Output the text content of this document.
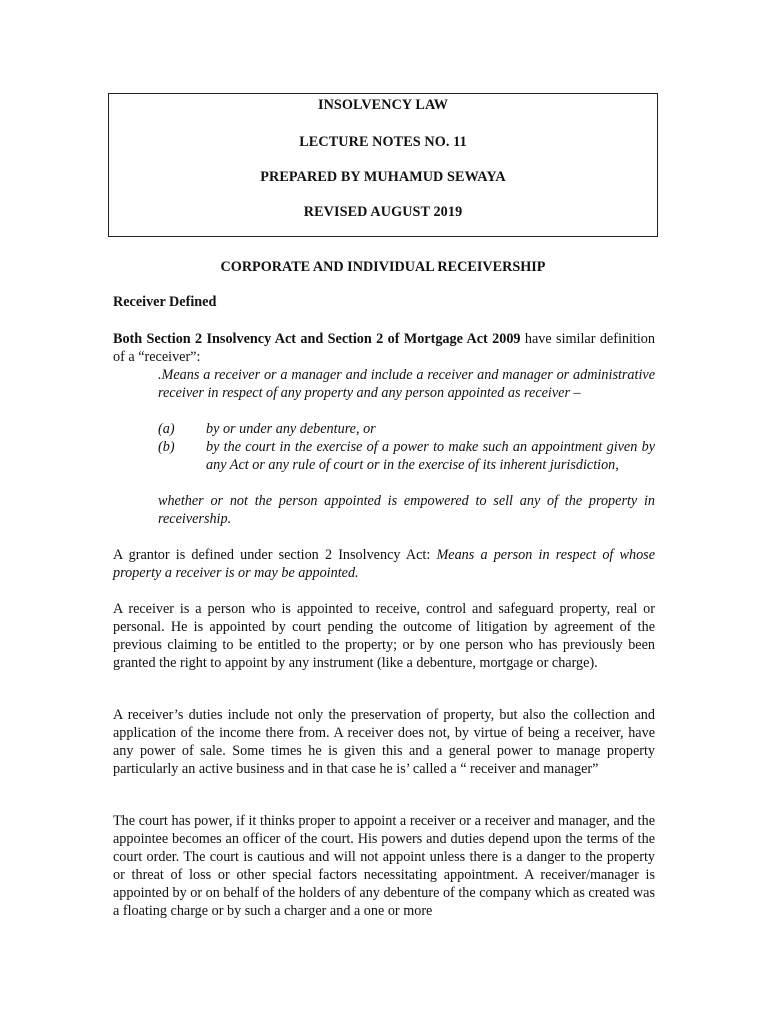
INSOLVENCY LAW
LECTURE NOTES NO. 11
PREPARED BY MUHAMUD SEWAYA
REVISED AUGUST 2019
CORPORATE AND INDIVIDUAL RECEIVERSHIP
Receiver Defined
Both Section 2 Insolvency Act and Section 2 of Mortgage Act 2009 have similar definition of a “receiver”:
.Means a receiver or a manager and include a receiver and manager or administrative receiver in respect of any property and any person appointed as receiver –
(a) by or under any debenture, or
(b) by the court in the exercise of a power to make such an appointment given by any Act or any rule of court or in the exercise of its inherent jurisdiction,
whether or not the person appointed is empowered to sell any of the property in receivership.
A grantor is defined under section 2 Insolvency Act: Means a person in respect of whose property a receiver is or may be appointed.
A receiver is a person who is appointed to receive, control and safeguard property, real or personal. He is appointed by court pending the outcome of litigation by agreement of the previous claiming to be entitled to the property; or by one person who has previously been granted the right to appoint by any instrument (like a debenture, mortgage or charge).
A receiver’s duties include not only the preservation of property, but also the collection and application of the income there from. A receiver does not, by virtue of being a receiver, have any power of sale. Some times he is given this and a general power to manage property particularly an active business and in that case he is’ called a “ receiver and manager”
The court has power, if it thinks proper to appoint a receiver or a receiver and manager, and the appointee becomes an officer of the court. His powers and duties depend upon the terms of the court order. The court is cautious and will not appoint unless there is a danger to the property or threat of loss or other special factors necessitating appointment. A receiver/manager is appointed by or on behalf of the holders of any debenture of the company which as created was a floating charge or by such a charger and a one or more
